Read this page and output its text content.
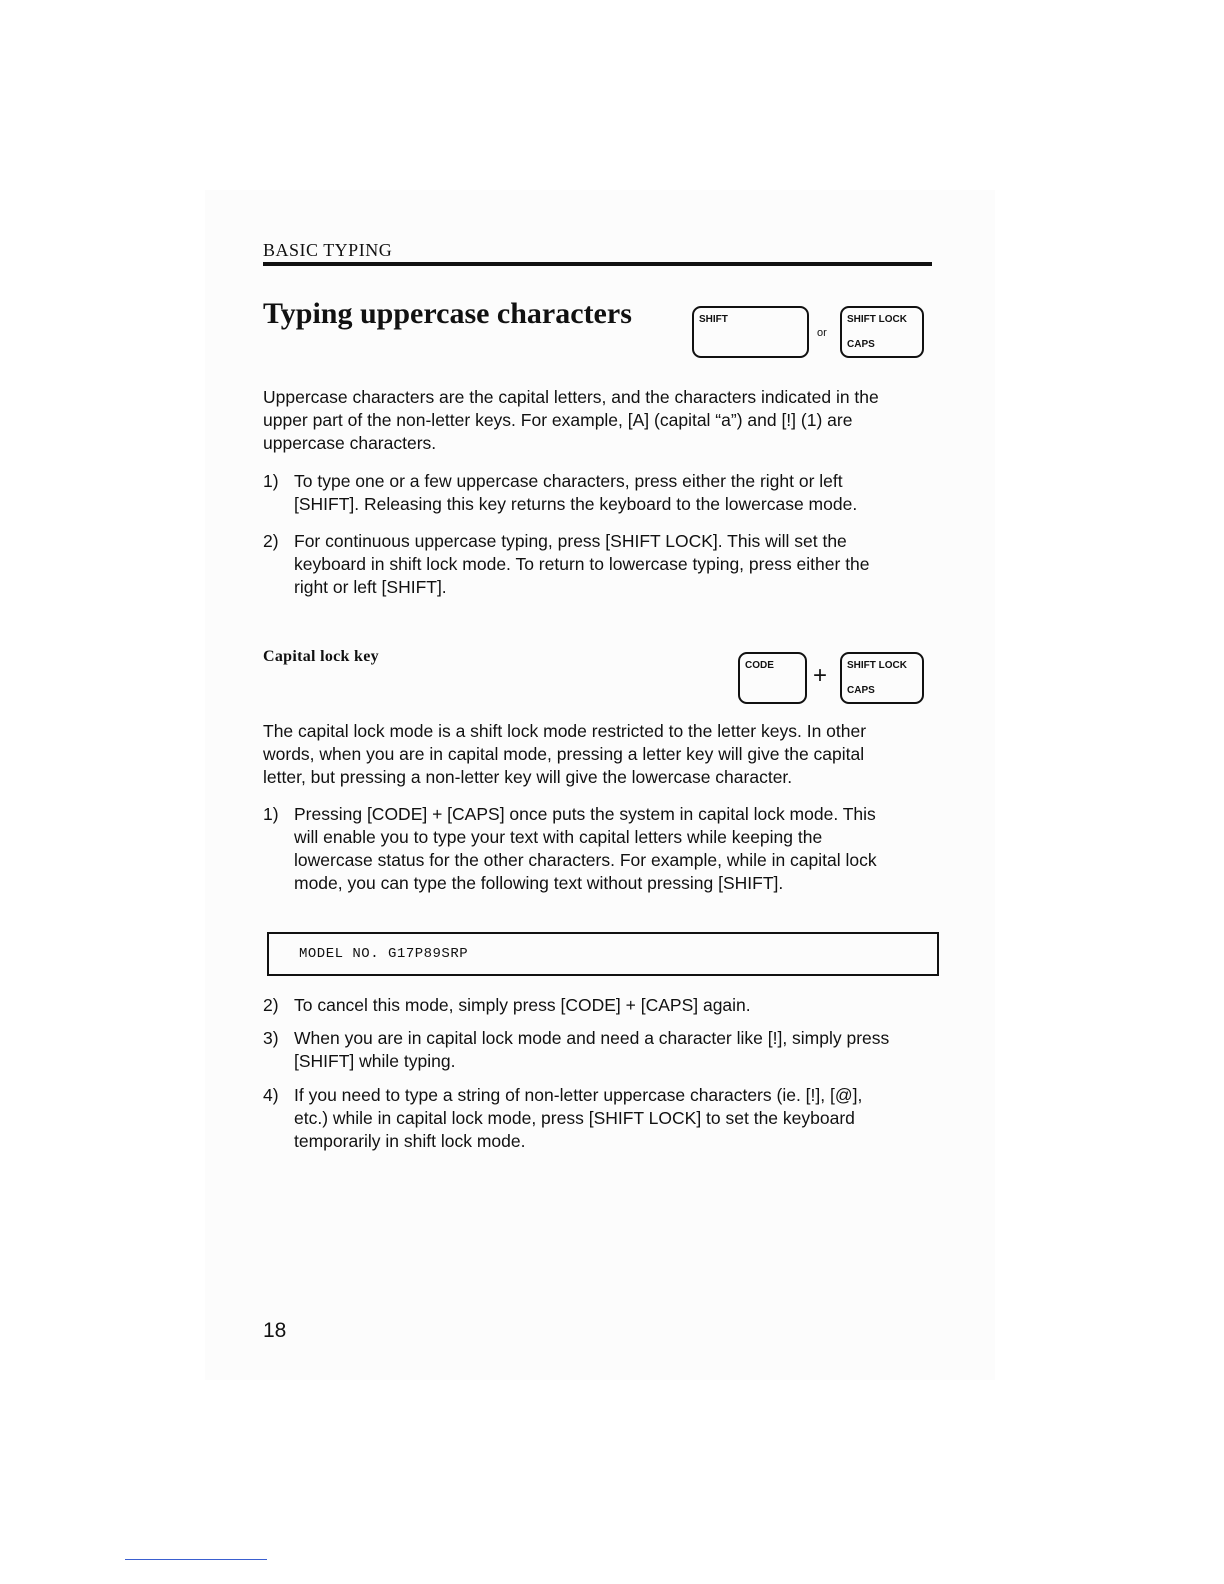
BASIC TYPING
Typing uppercase characters	SHIFT
or
SHIFT LOCK
CAPS
Uppercase characters are the capital letters, and the characters indicated in the
upper part of the non-letter keys. For example, [A] (capital “a”) and [!] (1) are
uppercase characters.
1) To type one or a few uppercase characters, press either the right or left
[SHIFT]. Releasing this key returns the keyboard to the lowercase mode.
2) For continuous uppercase typing, press [SHIFT LOCK]. This will set the
keyboard in shift lock mode. To return to lowercase typing, press either the
right or left [SHIFT].
Capital lock key
CODE + SHIFT LOCK
CAPS
The capital lock mode is a shift lock mode restricted to the letter keys. In other
words, when you are in capital mode, pressing a letter key will give the capital
letter, but pressing a non-letter key will give the lowercase character.
1) Pressing [CODE] + [CAPS] once puts the system in capital lock mode. This
will enable you to type your text with capital letters while keeping the
lowercase status for the other characters. For example, while in capital lock
mode, you can type the following text without pressing [SHIFT].
MODEL NO. G17P89SRP
2) To cancel this mode, simply press [CODE] + [CAPS] again.
3) When you are in capital lock mode and need a character like [!], simply press
[SHIFT] while typing.
4) If you need to type a string of non-letter uppercase characters (ie. [!], [@],
etc.) while in capital lock mode, press [SHIFT LOCK] to set the keyboard
temporarily in shift lock mode.
18
